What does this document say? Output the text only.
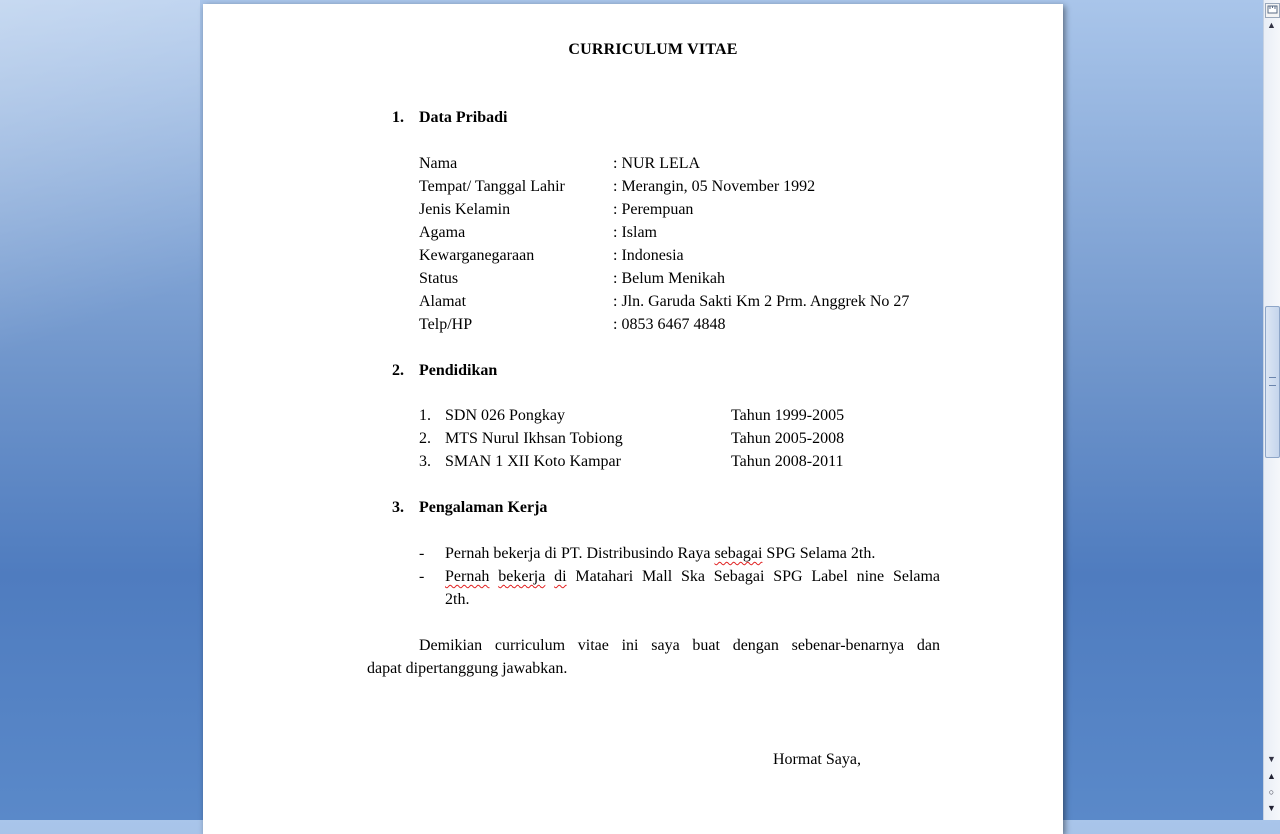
CURRICULUM VITAE
1. Data Pribadi
Nama	: NUR LELA
Tempat/ Tanggal Lahir	: Merangin, 05 November 1992
Jenis Kelamin	: Perempuan
Agama	: Islam
Kewarganegaraan	: Indonesia
Status	: Belum Menikah
Alamat	: Jln. Garuda Sakti Km 2 Prm. Anggrek No 27
Telp/HP	: 0853 6467 4848
2. Pendidikan
1. SDN 026 Pongkay	Tahun 1999-2005
2. MTS Nurul Ikhsan Tobiong	Tahun 2005-2008
3. SMAN 1 XII Koto Kampar	Tahun 2008-2011
3. Pengalaman Kerja
- Pernah bekerja di PT. Distribusindo Raya sebagai SPG Selama 2th.
- Pernah bekerja di Matahari Mall Ska Sebagai SPG Label nine Selama
2th.
Demikian curriculum vitae ini saya buat dengan sebenar-benarnya dan
dapat dipertanggung jawabkan.
Hormat Saya,
▲
▼
▲
○
▼
